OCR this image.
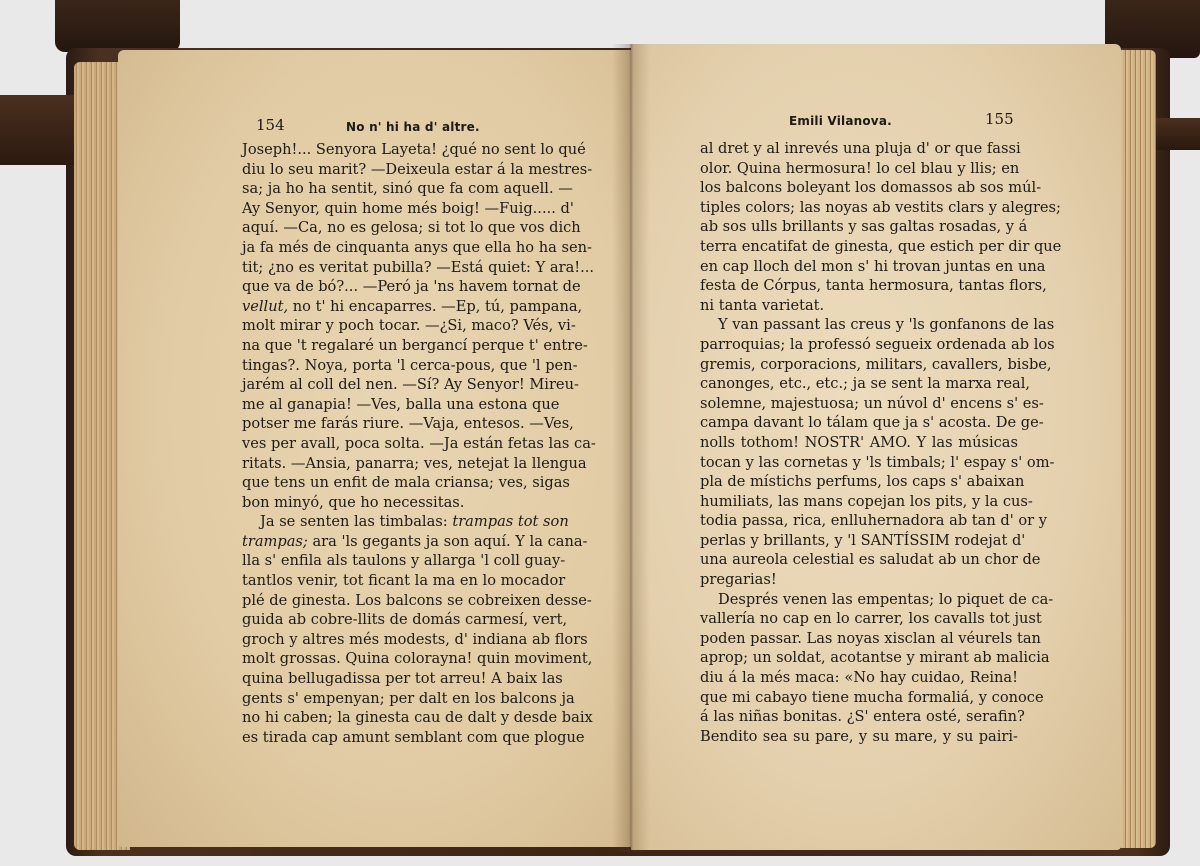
154	No n' hi ha d' altre.
Joseph!... Senyora Layeta! ¿qué no sent lo qué
diu lo seu marit? —Deixeula estar á la mestres-
sa; ja ho ha sentit, sinó que fa com aquell. —
Ay Senyor, quin home més boig! —Fuig..... d'
aquí. —Ca, no es gelosa; si tot lo que vos dich
ja fa més de cinquanta anys que ella ho ha sen-
tit; ¿no es veritat pubilla? —Está quiet: Y ara!...
que va de bó?... —Peró ja 'ns havem tornat de
vellut, no t' hi encaparres. —Ep, tú, pampana,
molt mirar y poch tocar. —¿Si, maco? Vés, vi-
na que 't regalaré un bergancí perque t' entre-
tingas?. Noya, porta 'l cerca-pous, que 'l pen-
jarém al coll del nen. —Sí? Ay Senyor! Mireu-
me al ganapia! —Ves, balla una estona que
potser me farás riure. —Vaja, entesos. —Ves,
ves per avall, poca solta. —Ja están fetas las ca-
ritats. —Ansia, panarra; ves, netejat la llengua
que tens un enfit de mala criansa; ves, sigas
bon minyó, que ho necessitas.
Ja se senten las timbalas: trampas tot son
trampas; ara 'ls gegants ja son aquí. Y la cana-
lla s' enfila als taulons y allarga 'l coll guay-
tantlos venir, tot ficant la ma en lo mocador
plé de ginesta. Los balcons se cobreixen desse-
guida ab cobre-llits de domás carmesí, vert,
groch y altres més modests, d' indiana ab flors
molt grossas. Quina colorayna! quin moviment,
quina bellugadissa per tot arreu! A baix las
gents s' empenyan; per dalt en los balcons ja
no hi caben; la ginesta cau de dalt y desde baix
es tirada cap amunt semblant com que plogue
Emili Vilanova.	155
al dret y al inrevés una pluja d' or que fassi
olor. Quina hermosura! lo cel blau y llis; en
los balcons boleyant los domassos ab sos múl-
tiples colors; las noyas ab vestits clars y alegres;
ab sos ulls brillants y sas galtas rosadas, y á
terra encatifat de ginesta, que estich per dir que
en cap lloch del mon s' hi trovan juntas en una
festa de Córpus, tanta hermosura, tantas flors,
ni tanta varietat.
Y van passant las creus y 'ls gonfanons de las
parroquias; la professó segueix ordenada ab los
gremis, corporacions, militars, cavallers, bisbe,
canonges, etc., etc.; ja se sent la marxa real,
solemne, majestuosa; un núvol d' encens s' es-
campa davant lo tálam que ja s' acosta. De ge-
nolls tothom! NOSTR' AMO. Y las músicas
tocan y las cornetas y 'ls timbals; l' espay s' om-
pla de místichs perfums, los caps s' abaixan
humiliats, las mans copejan los pits, y la cus-
todia passa, rica, enlluhernadora ab tan d' or y
perlas y brillants, y 'l SANTÍSSIM rodejat d'
una aureola celestial es saludat ab un chor de
pregarias!
Després venen las empentas; lo piquet de ca-
vallería no cap en lo carrer, los cavalls tot just
poden passar. Las noyas xisclan al véurels tan
aprop; un soldat, acotantse y mirant ab malicia
diu á la més maca: «No hay cuidao, Reina!
que mi cabayo tiene mucha formaliá, y conoce
á las niñas bonitas. ¿S' entera osté, serafin?
Bendito sea su pare, y su mare, y su pairi-
